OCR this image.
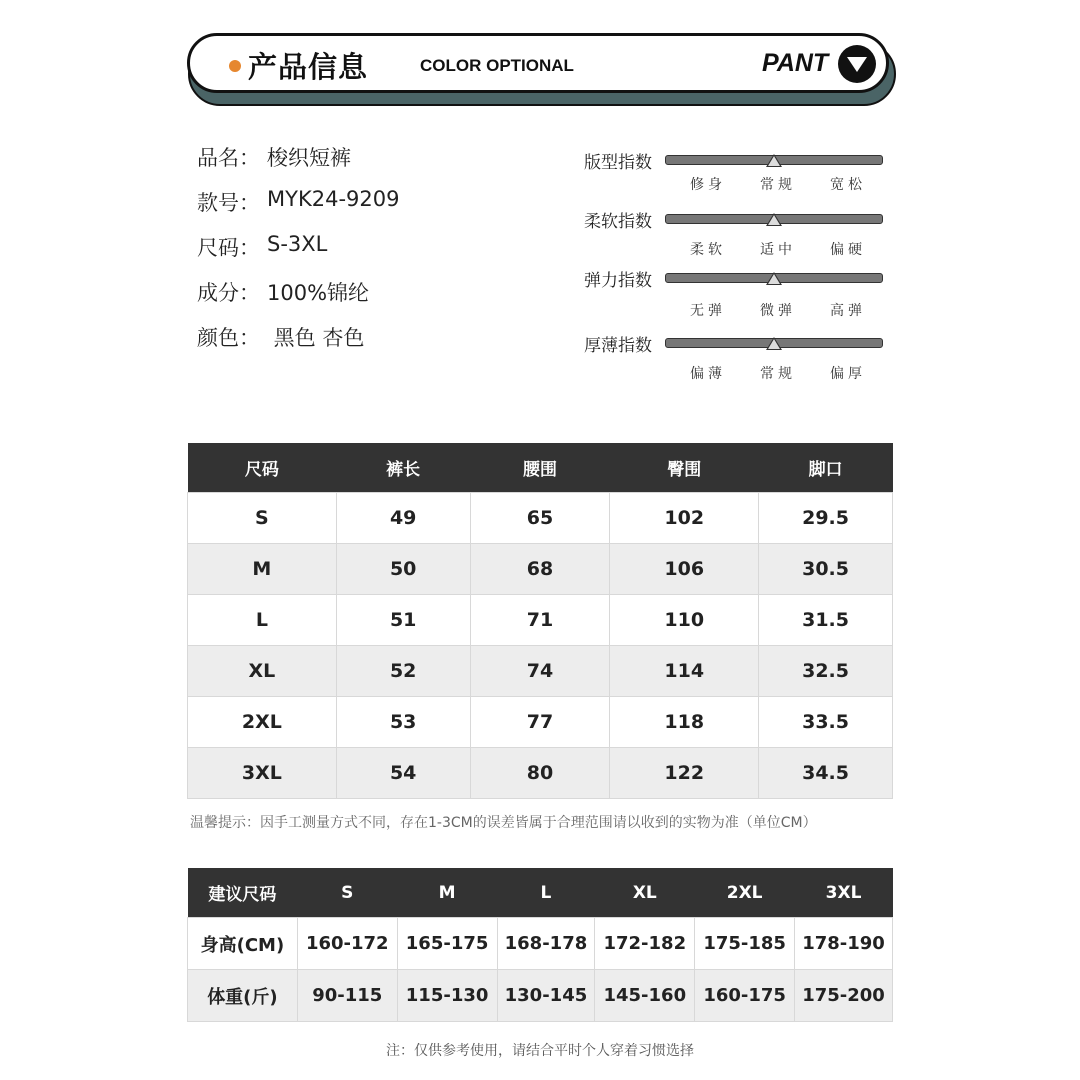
产品信息	COLOR OPTIONAL	PANT
品名： 梭织短裤
款号： MYK24-9209
尺码： S-3XL
成分： 100%锦纶
颜色： 黑色 杏色
版型指数
修身	常规	宽松
柔软指数
柔软	适中	偏硬
弹力指数
无弹	微弹	高弹
厚薄指数
偏薄	常规	偏厚
尺码	裤长	腰围	臀围	脚口
S	49	65	102	29.5
M	50	68	106	30.5
L	51	71	110	31.5
XL	52	74	114	32.5
2XL	53	77	118	33.5
3XL	54	80	122	34.5
温馨提示：因手工测量方式不同，存在1-3CM的误差皆属于合理范围请以收到的实物为准（单位CM）
建议尺码	S	M	L	XL	2XL	3XL
身高(CM)	160-172	165-175	168-178	172-182	175-185	178-190
体重(斤)	90-115	115-130	130-145	145-160	160-175	175-200
注：仅供参考使用，请结合平时个人穿着习惯选择
